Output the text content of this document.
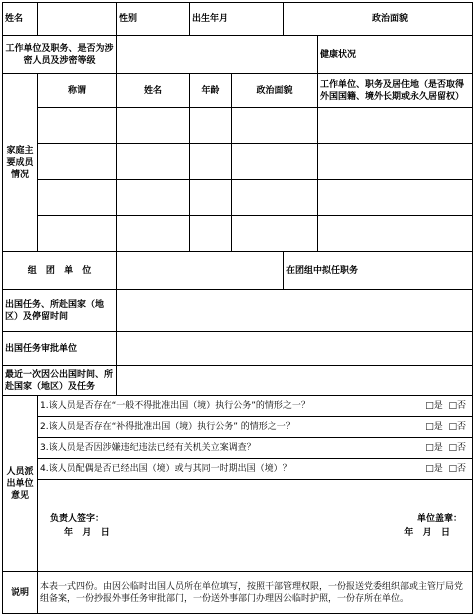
姓名		性别	出生年月		政治面貌	
工作单位及职务、是否为涉密人员及涉密等级						健康状况
家庭主要成员情况	称谓	姓名	年龄	政治面貌		工作单位、职务及居住地（是否取得外国国籍、境外长期或永久居留权）

组 团 单 位					在团组中拟任职务	
出国任务、所赴国家（地区）及停留时间						
出国任务审批单位						
最近一次因公出国时间、所赴国家（地区）及任务						
人员派出单位意见	1.该人员是否存在“一般不得批准出国（境）执行公务”的情形之一？ □是 □否					

	2.该人员是否存在“补得批准出国（境）执行公务” 的情形之一？ □是 □否					

	3.该人员是否因涉嫌违纪违法已经有关机关立案调查？ □是 □否					

	4.该人员配偶是否已经出国（境）或与其同一时期出国（境）？ □是 □否					

	负责人签字： 单位盖章：
年   月   日 年   月   日					

说明	本表一式四份。由因公临时出国人员所在单位填写，按照干部管理权限，一份报送党委组织部或主管厅局党组备案，一份抄报外事任务审批部门，一份送外事部门办理因公临时护照，一份存所在单位。					
